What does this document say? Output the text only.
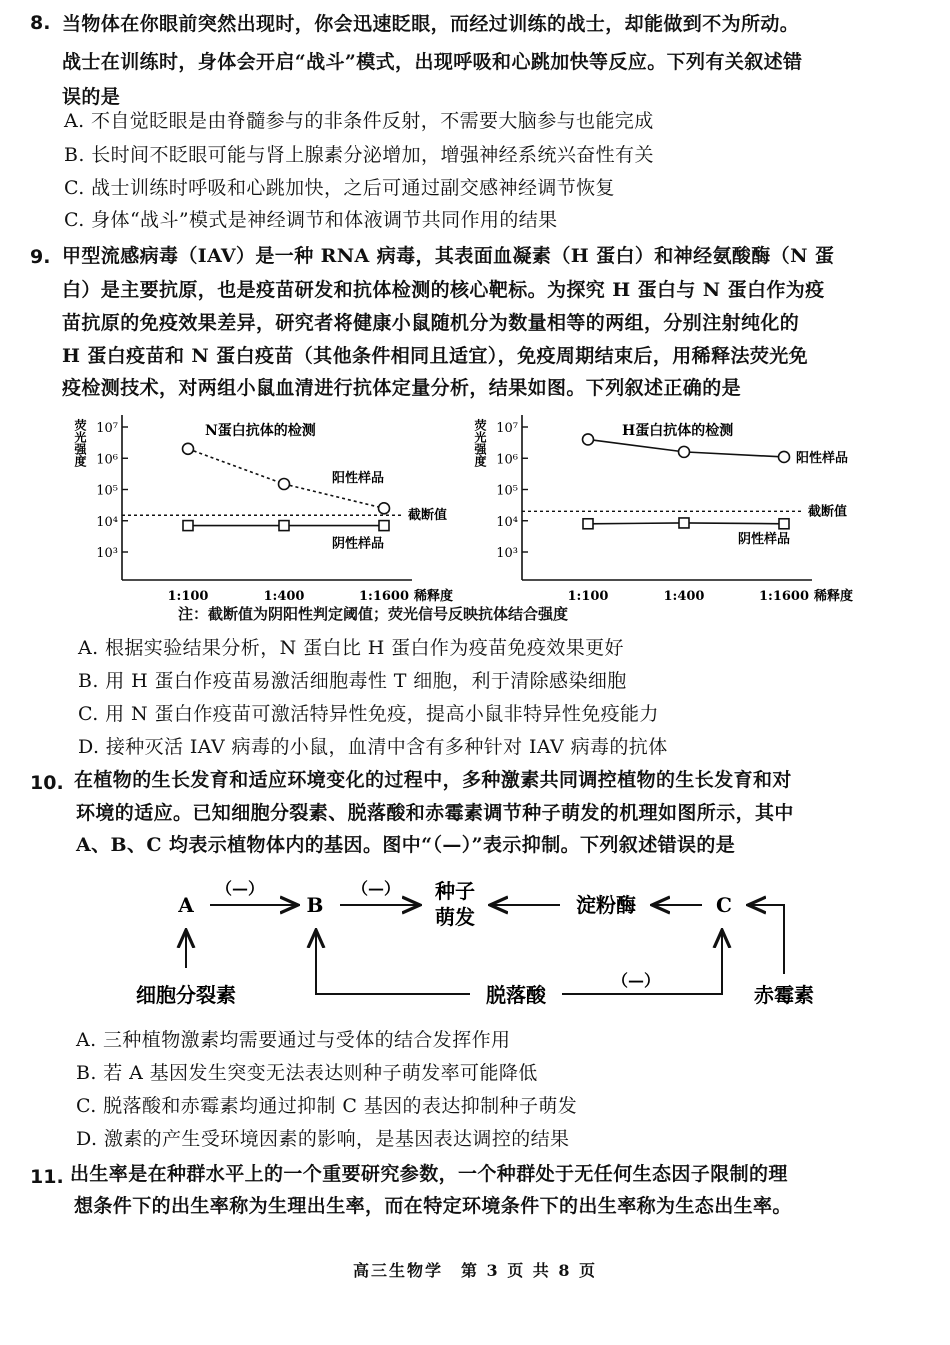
8. 当物体在你眼前突然出现时，你会迅速眨眼，而经过训练的战士，却能做到不为所动。
战士在训练时，身体会开启“战斗”模式，出现呼吸和心跳加快等反应。下列有关叙述错
误的是
A. 不自觉眨眼是由脊髓参与的非条件反射，不需要大脑参与也能完成
B. 长时间不眨眼可能与肾上腺素分泌增加，增强神经系统兴奋性有关
C. 战士训练时呼吸和心跳加快，之后可通过副交感神经调节恢复
C. 身体“战斗”模式是神经调节和体液调节共同作用的结果
9. 甲型流感病毒（IAV）是一种 RNA 病毒，其表面血凝素（H 蛋白）和神经氨酸酶（N 蛋
白）是主要抗原，也是疫苗研发和抗体检测的核心靶标。为探究 H 蛋白与 N 蛋白作为疫
苗抗原的免疫效果差异，研究者将健康小鼠随机分为数量相等的两组，分别注射纯化的
H 蛋白疫苗和 N 蛋白疫苗（其他条件相同且适宜），免疫周期结束后，用稀释法荧光免
疫检测技术，对两组小鼠血清进行抗体定量分析，结果如图。下列叙述正确的是
荧光强度 10⁷
10⁶
10⁵
10⁴
10³
1:100	1:400	1:1600 稀释度
截断值
N蛋白抗体的检测
阳性样品
阴性样品
荧光强度 10⁷
10⁶
10⁵
10⁴
10³
1:100	1:400	1:1600 稀释度
截断值
H蛋白抗体的检测
阳性样品
阴性样品
注：截断值为阴阳性判定阈值；荧光信号反映抗体结合强度
A. 根据实验结果分析，N 蛋白比 H 蛋白作为疫苗免疫效果更好
B. 用 H 蛋白作疫苗易激活细胞毒性 T 细胞，利于清除感染细胞
C. 用 N 蛋白作疫苗可激活特异性免疫，提高小鼠非特异性免疫能力
D. 接种灭活 IAV 病毒的小鼠，血清中含有多种针对 IAV 病毒的抗体
10. 在植物的生长发育和适应环境变化的过程中，多种激素共同调控植物的生长发育和对
环境的适应。已知细胞分裂素、脱落酸和赤霉素调节种子萌发的机理如图所示，其中
A、B、C 均表示植物体内的基因。图中“（—）”表示抑制。下列叙述错误的是
A	B	C
种子
萌发	淀粉酶
细胞分裂素	脱落酸	赤霉素
（—）	（—）
（—）
A. 三种植物激素均需要通过与受体的结合发挥作用
B. 若 A 基因发生突变无法表达则种子萌发率可能降低
C. 脱落酸和赤霉素均通过抑制 C 基因的表达抑制种子萌发
D. 激素的产生受环境因素的影响，是基因表达调控的结果
11. 出生率是在种群水平上的一个重要研究参数，一个种群处于无任何生态因子限制的理
想条件下的出生率称为生理出生率，而在特定环境条件下的出生率称为生态出生率。
高三生物学　第 3 页 共 8 页
